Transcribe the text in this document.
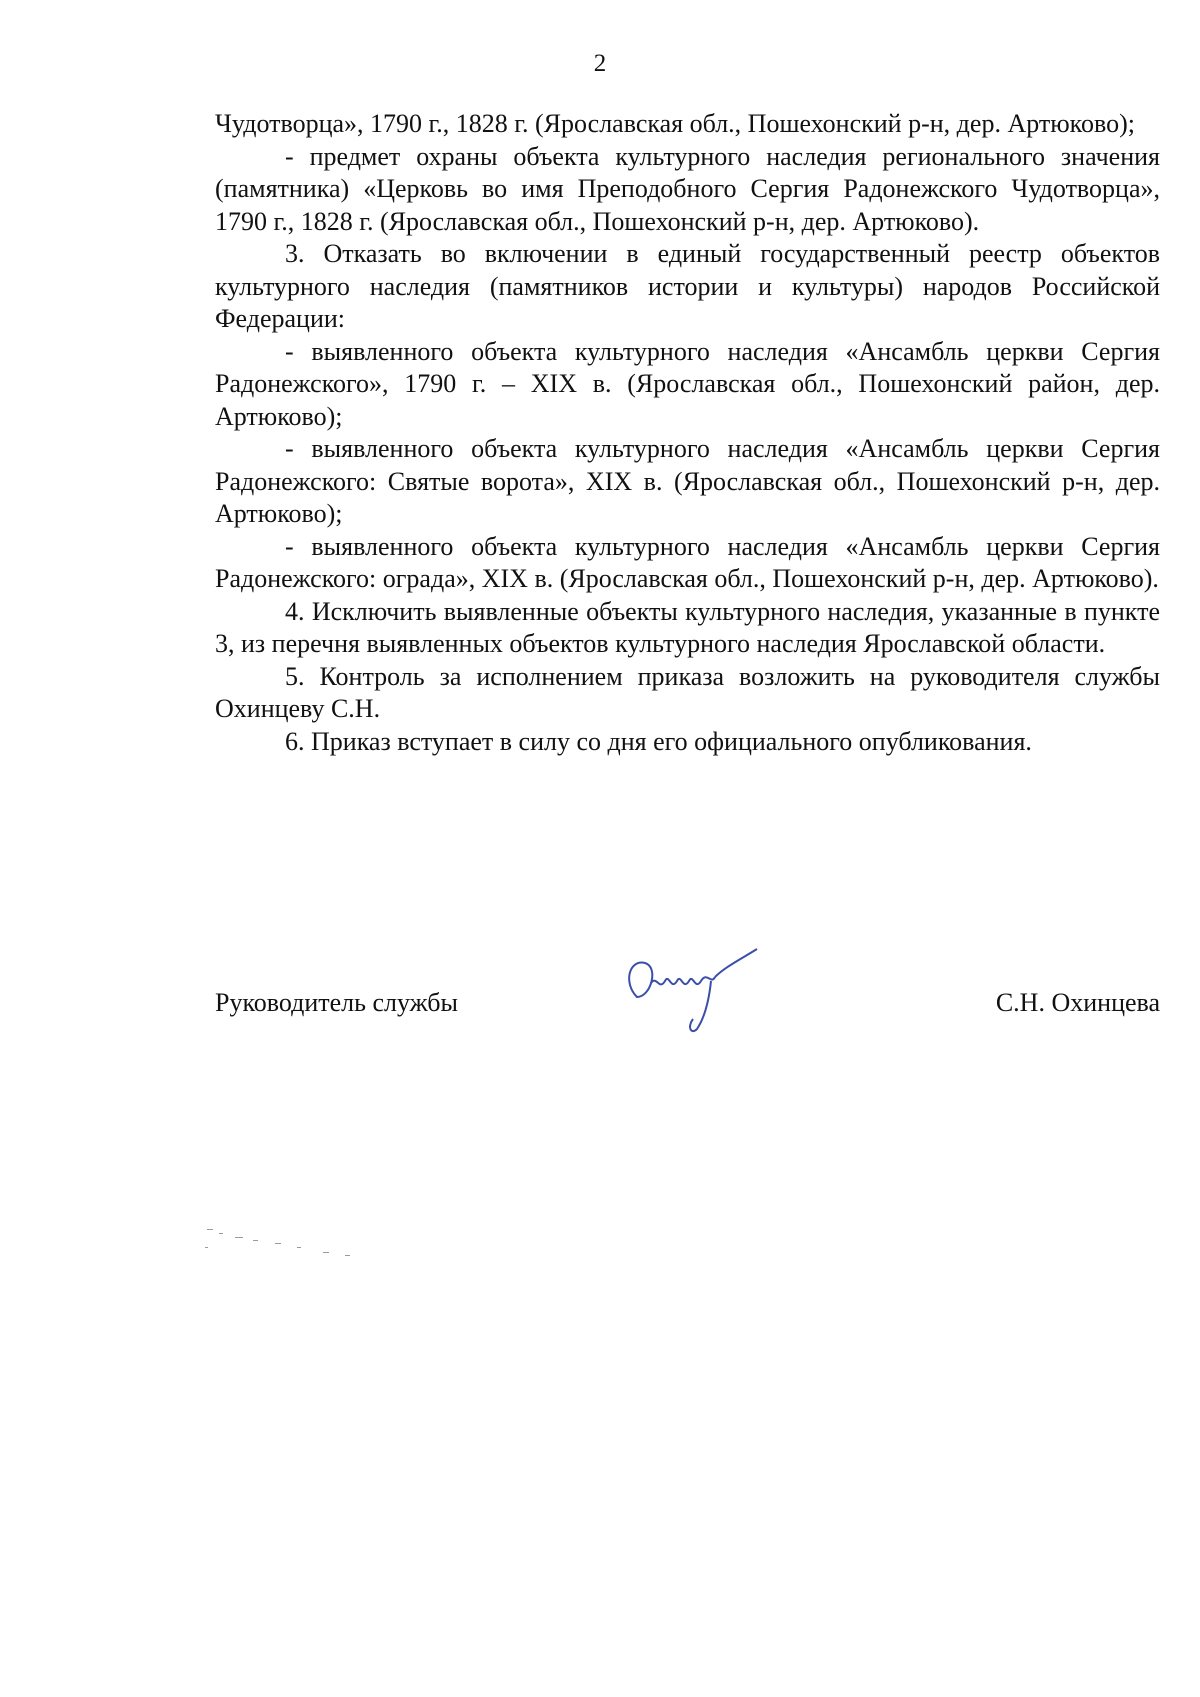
2

Чудотворца», 1790 г., 1828 г. (Ярославская обл., Пошехонский р-н, дер. Артюково);

- предмет охраны объекта культурного наследия регионального значения (памятника) «Церковь во имя Преподобного Сергия Радонежского Чудотворца», 1790 г., 1828 г. (Ярославская обл., Пошехонский р-н, дер. Артюково).

3. Отказать во включении в единый государственный реестр объектов культурного наследия (памятников истории и культуры) народов Российской Федерации:

- выявленного объекта культурного наследия «Ансамбль церкви Сергия Радонежского», 1790 г. – XIX в. (Ярославская обл., Пошехонский район, дер. Артюково);

- выявленного объекта культурного наследия «Ансамбль церкви Сергия Радонежского: Святые ворота», XIX в. (Ярославская обл., Пошехонский р-н, дер. Артюково);

- выявленного объекта культурного наследия «Ансамбль церкви Сергия Радонежского: ограда», XIX в. (Ярославская обл., Пошехонский р-н, дер. Артюково).

4. Исключить выявленные объекты культурного наследия, указанные в пункте 3, из перечня выявленных объектов культурного наследия Ярославской области.

5. Контроль за исполнением приказа возложить на руководителя службы Охинцеву С.Н.

6. Приказ вступает в силу со дня его официального опубликования.

Руководитель службы	С.Н. Охинцева
